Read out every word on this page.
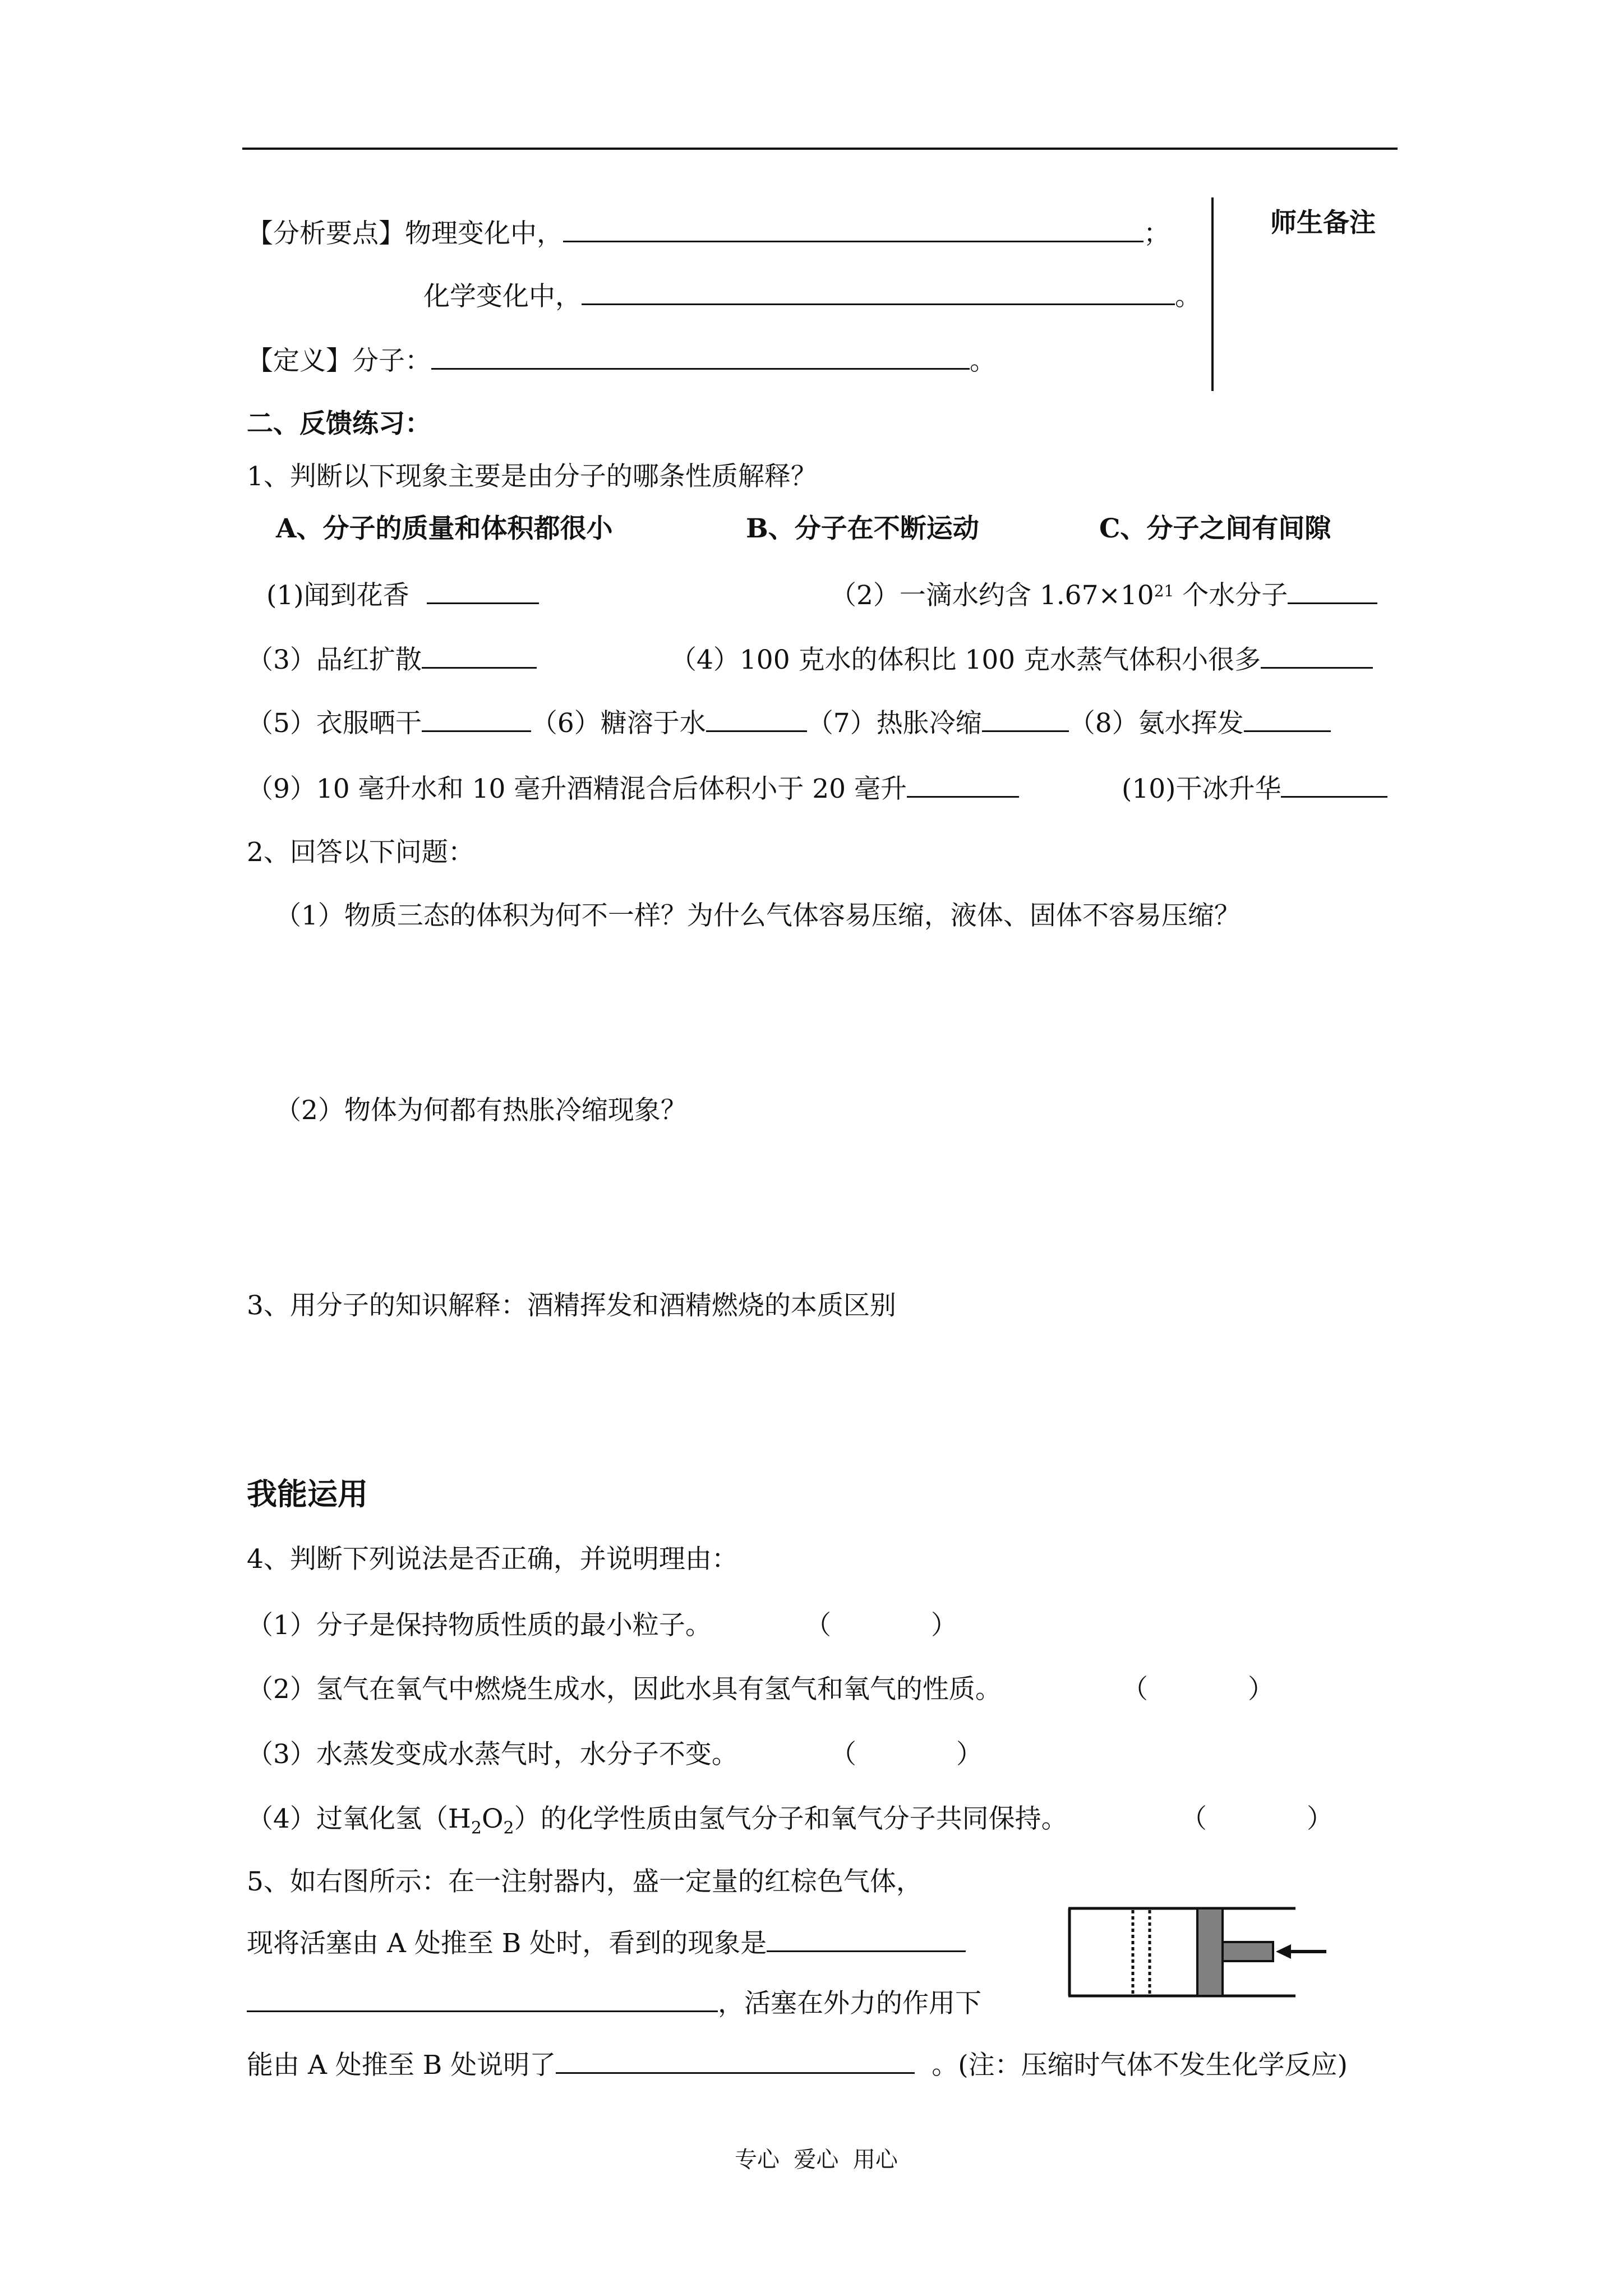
师生备注
【分析要点】物理变化中，	；
化学变化中，	。
【定义】分子：	。
二、反馈练习：
1、判断以下现象主要是由分子的哪条性质解释？
A、分子的质量和体积都很小	B、分子在不断运动	C、分子之间有间隙
(1)闻到花香	（2）一滴水约含 $1.67\times 10^{21}$ 个水分子
（3）品红扩散	（4）100 克水的体积比 100 克水蒸气体积小很多
（5）衣服晒干	（6）糖溶于水	（7）热胀冷缩	（8）氨水挥发
（9）10 毫升水和 10 毫升酒精混合后体积小于 20 毫升	(10)干冰升华
2、回答以下问题：
（1）物质三态的体积为何不一样？为什么气体容易压缩，液体、固体不容易压缩？
（2）物体为何都有热胀冷缩现象？
3、用分子的知识解释：酒精挥发和酒精燃烧的本质区别
我能运用
4、判断下列说法是否正确，并说明理由：
（1）分子是保持物质性质的最小粒子。	（	）
（2）氢气在氧气中燃烧生成水，因此水具有氢气和氧气的性质。	（	）
（3）水蒸发变成水蒸气时，水分子不变。	（	）
（4）过氧化氢$(H_2O_2)$的化学性质由氢气分子和氧气分子共同保持。	（	）
5、如右图所示：在一注射器内，盛一定量的红棕色气体，
现将活塞由 A 处推至 B 处时，看到的现象是
，活塞在外力的作用下
能由 A 处推至 B 处说明了	。(注：压缩时气体不发生化学反应)
专心  爱心  用心
